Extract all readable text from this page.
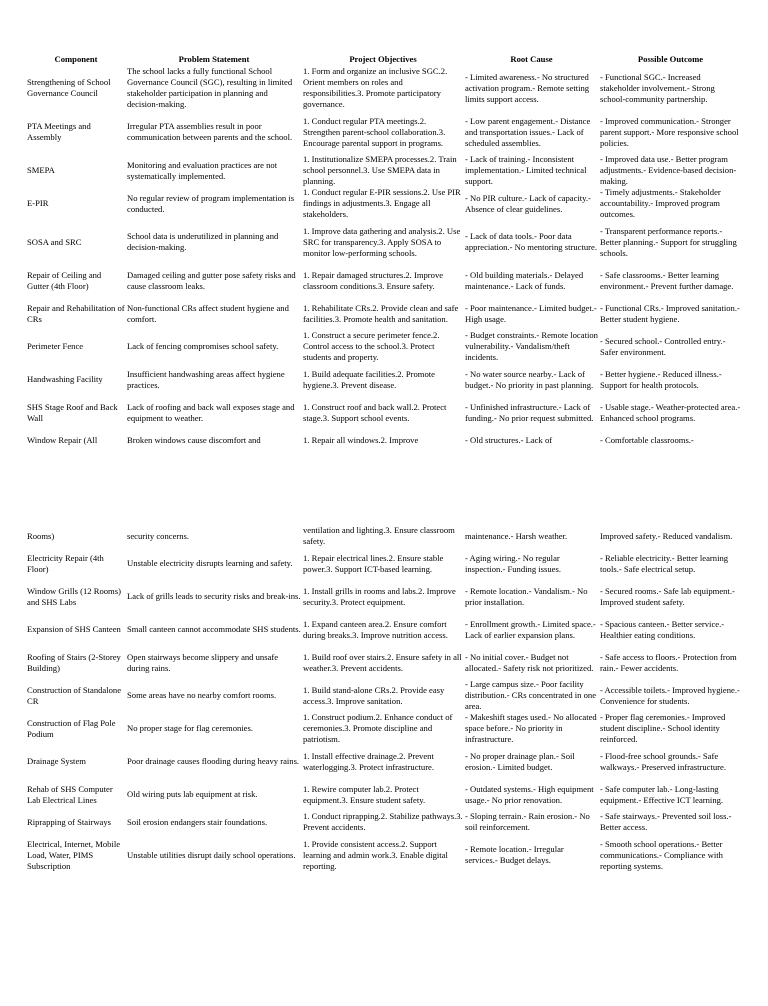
Component	Problem Statement	Project Objectives	Root Cause	Possible Outcome
Strengthening of School Governance Council	The school lacks a fully functional School Governance Council (SGC), resulting in limited stakeholder participation in planning and decision-making.	1. Form and organize an inclusive SGC.2. Orient members on roles and responsibilities.3. Promote participatory governance.	- Limited awareness.- No structured activation program.- Remote setting limits support access.	- Functional SGC.- Increased stakeholder involvement.- Strong school-community partnership.
PTA Meetings and Assembly	Irregular PTA assemblies result in poor communication between parents and the school.	1. Conduct regular PTA meetings.2. Strengthen parent-school collaboration.3. Encourage parental support in programs.	- Low parent engagement.- Distance and transportation issues.- Lack of scheduled assemblies.	- Improved communication.- Stronger parent support.- More responsive school policies.
SMEPA	Monitoring and evaluation practices are not systematically implemented.	1. Institutionalize SMEPA processes.2. Train school personnel.3. Use SMEPA data in planning.	- Lack of training.- Inconsistent implementation.- Limited technical support.	- Improved data use.- Better program adjustments.- Evidence-based decision-making.
E-PIR	No regular review of program implementation is conducted.	1. Conduct regular E-PIR sessions.2. Use PIR findings in adjustments.3. Engage all stakeholders.	- No PIR culture.- Lack of capacity.- Absence of clear guidelines.	- Timely adjustments.- Stakeholder accountability.- Improved program outcomes.
SOSA and SRC	School data is underutilized in planning and decision-making.	1. Improve data gathering and analysis.2. Use SRC for transparency.3. Apply SOSA to monitor low-performing schools.	- Lack of data tools.- Poor data appreciation.- No mentoring structure.	- Transparent performance reports.- Better planning.- Support for struggling schools.
Repair of Ceiling and Gutter (4th Floor)	Damaged ceiling and gutter pose safety risks and cause classroom leaks.	1. Repair damaged structures.2. Improve classroom conditions.3. Ensure safety.	- Old building materials.- Delayed maintenance.- Lack of funds.	- Safe classrooms.- Better learning environment.- Prevent further damage.
Repair and Rehabilitation of CRs	Non-functional CRs affect student hygiene and comfort.	1. Rehabilitate CRs.2. Provide clean and safe facilities.3. Promote health and sanitation.	- Poor maintenance.- Limited budget.- High usage.	- Functional CRs.- Improved sanitation.- Better student hygiene.
Perimeter Fence	Lack of fencing compromises school safety.	1. Construct a secure perimeter fence.2. Control access to the school.3. Protect students and property.	- Budget constraints.- Remote location vulnerability.- Vandalism/theft incidents.	- Secured school.- Controlled entry.- Safer environment.
Handwashing Facility	Insufficient handwashing areas affect hygiene practices.	1. Build adequate facilities.2. Promote hygiene.3. Prevent disease.	- No water source nearby.- Lack of budget.- No priority in past planning.	- Better hygiene.- Reduced illness.- Support for health protocols.
SHS Stage Roof and Back Wall	Lack of roofing and back wall exposes stage and equipment to weather.	1. Construct roof and back wall.2. Protect stage.3. Support school events.	- Unfinished infrastructure.- Lack of funding.- No prior request submitted.	- Usable stage.- Weather-protected area.- Enhanced school programs.
Window Repair (All	Broken windows cause discomfort and	1. Repair all windows.2. Improve	- Old structures.- Lack of	- Comfortable classrooms.-

Rooms)	security concerns.	ventilation and lighting.3. Ensure classroom safety.	maintenance.- Harsh weather.	Improved safety.- Reduced vandalism.
Electricity Repair (4th Floor)	Unstable electricity disrupts learning and safety.	1. Repair electrical lines.2. Ensure stable power.3. Support ICT-based learning.	- Aging wiring.- No regular inspection.- Funding issues.	- Reliable electricity.- Better learning tools.- Safe electrical setup.
Window Grills (12 Rooms) and SHS Labs	Lack of grills leads to security risks and break-ins.	1. Install grills in rooms and labs.2. Improve security.3. Protect equipment.	- Remote location.- Vandalism.- No prior installation.	- Secured rooms.- Safe lab equipment.- Improved student safety.
Expansion of SHS Canteen	Small canteen cannot accommodate SHS students.	1. Expand canteen area.2. Ensure comfort during breaks.3. Improve nutrition access.	- Enrollment growth.- Limited space.- Lack of earlier expansion plans.	- Spacious canteen.- Better service.- Healthier eating conditions.
Roofing of Stairs (2-Storey Building)	Open stairways become slippery and unsafe during rains.	1. Build roof over stairs.2. Ensure safety in all weather.3. Prevent accidents.	- No initial cover.- Budget not allocated.- Safety risk not prioritized.	- Safe access to floors.- Protection from rain.- Fewer accidents.
Construction of Standalone CR	Some areas have no nearby comfort rooms.	1. Build stand-alone CRs.2. Provide easy access.3. Improve sanitation.	- Large campus size.- Poor facility distribution.- CRs concentrated in one area.	- Accessible toilets.- Improved hygiene.- Convenience for students.
Construction of Flag Pole Podium	No proper stage for flag ceremonies.	1. Construct podium.2. Enhance conduct of ceremonies.3. Promote discipline and patriotism.	- Makeshift stages used.- No allocated space before.- No priority in infrastructure.	- Proper flag ceremonies.- Improved student discipline.- School identity reinforced.
Drainage System	Poor drainage causes flooding during heavy rains.	1. Install effective drainage.2. Prevent waterlogging.3. Protect infrastructure.	- No proper drainage plan.- Soil erosion.- Limited budget.	- Flood-free school grounds.- Safe walkways.- Preserved infrastructure.
Rehab of SHS Computer Lab Electrical Lines	Old wiring puts lab equipment at risk.	1. Rewire computer lab.2. Protect equipment.3. Ensure student safety.	- Outdated systems.- High equipment usage.- No prior renovation.	- Safe computer lab.- Long-lasting equipment.- Effective ICT learning.
Riprapping of Stairways	Soil erosion endangers stair foundations.	1. Conduct riprapping.2. Stabilize pathways.3. Prevent accidents.	- Sloping terrain.- Rain erosion.- No soil reinforcement.	- Safe stairways.- Prevented soil loss.- Better access.
Electrical, Internet, Mobile Load, Water, PIMS Subscription	Unstable utilities disrupt daily school operations.	1. Provide consistent access.2. Support learning and admin work.3. Enable digital reporting.	- Remote location.- Irregular services.- Budget delays.	- Smooth school operations.- Better communications.- Compliance with reporting systems.
